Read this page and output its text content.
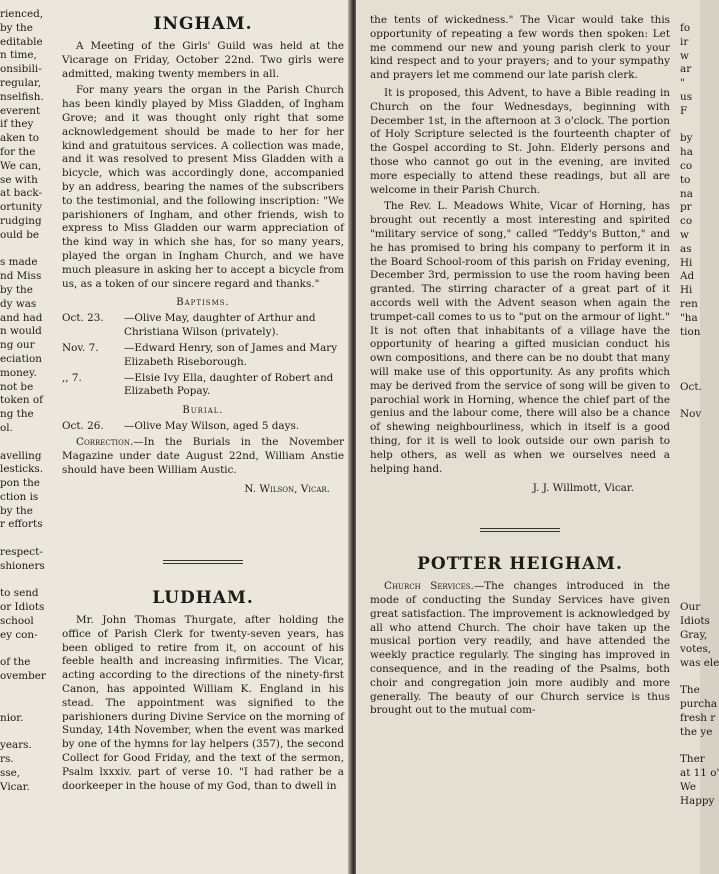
rienced,
by the
editable
n time,
onsibili-
regular,
nselfish.
everent
if they
aken to
for the
We can,
se with
at back-
ortunity
rudging
ould be

s made
nd Miss
by the
dy was
and had
n would
ng our
eciation
money.
not be
token of
ng the
ol.

avelling
lesticks.
pon the
ction is
by the
r efforts

respect-
shioners

to send
or Idiots
school
ey con-

of the
ovember

nior.

years.
rs.
sse,
Vicar.
INGHAM.

A Meeting of the Girls' Guild was held at the Vicarage on Friday, October 22nd. Two girls were admitted, making twenty members in all.

For many years the organ in the Parish Church has been kindly played by Miss Gladden, of Ingham Grove; and it was thought only right that some acknowledgement should be made to her for her kind and gratuitous services. A collection was made, and it was resolved to present Miss Gladden with a bicycle, which was accordingly done, accompanied by an address, bearing the names of the subscribers to the testimonial, and the following inscription: "We parishioners of Ingham, and other friends, wish to express to Miss Gladden our warm appreciation of the kind way in which she has, for so many years, played the organ in Ingham Church, and we have much pleasure in asking her to accept a bicycle from us, as a token of our sincere regard and thanks."

Baptisms.
Oct. 23.	—Olive May, daughter of Arthur and Christiana Wilson (privately).
Nov. 7.	—Edward Henry, son of James and Mary Elizabeth Riseborough.
,, 7.	—Elsie Ivy Ella, daughter of Robert and Elizabeth Popay.
Burial.
Oct. 26.	—Olive May Wilson, aged 5 days.

Correction.—In the Burials in the November Magazine under date August 22nd, William Anstie should have been William Austic.

N. Wilson, Vicar.
LUDHAM.

Mr. John Thomas Thurgate, after holding the office of Parish Clerk for twenty-seven years, has been obliged to retire from it, on account of his feeble health and increasing infirmities. The Vicar, acting according to the directions of the ninety-first Canon, has appointed William K. England in his stead. The appointment was signified to the parishioners during Divine Service on the morning of Sunday, 14th November, when the event was marked by one of the hymns for lay helpers (357), the second Collect for Good Friday, and the text of the sermon, Psalm lxxxiv. part of verse 10. "I had rather be a doorkeeper in the house of my God, than to dwell in

the tents of wickedness." The Vicar would take this opportunity of repeating a few words then spoken: Let me commend our new and young parish clerk to your kind respect and to your prayers; and to your sympathy and prayers let me commend our late parish clerk.

It is proposed, this Advent, to have a Bible reading in Church on the four Wednesdays, beginning with December 1st, in the afternoon at 3 o'clock. The portion of Holy Scripture selected is the fourteenth chapter of the Gospel according to St. John. Elderly persons and those who cannot go out in the evening, are invited more especially to attend these readings, but all are welcome in their Parish Church.

The Rev. L. Meadows White, Vicar of Horning, has brought out recently a most interesting and spirited "military service of song," called "Teddy's Button," and he has promised to bring his company to perform it in the Board School-room of this parish on Friday evening, December 3rd, permission to use the room having been granted. The stirring character of a great part of it accords well with the Advent season when again the trumpet-call comes to us to "put on the armour of light." It is not often that inhabitants of a village have the opportunity of hearing a gifted musician conduct his own compositions, and there can be no doubt that many will make use of this opportunity. As any profits which may be derived from the service of song will be given to parochial work in Horning, whence the chief part of the genius and the labour come, there will also be a chance of shewing neighbourliness, which in itself is a good thing, for it is well to look outside our own parish to help others, as well as when we ourselves need a helping hand.

J. J. Willmott, Vicar.
POTTER HEIGHAM.

Church Services.—The changes introduced in the mode of conducting the Sunday Services have given great satisfaction. The improvement is acknowledged by all who attend Church. The choir have taken up the musical portion very readily, and have attended the weekly practice regularly. The singing has improved in consequence, and in the reading of the Psalms, both choir and congregation join more audibly and more generally. The beauty of our Church service is thus brought out to the mutual com-

fo
ir
w
ar
"
us
F

by
ha
co
to
na
pr
co
w
as
Hi
Ad
Hi
ren
"ha
tion

Oct.

Nov

Our
Idiots
Gray,
votes,
was ele

The
purcha
fresh r
the ye

Ther
at 11 o'
We
Happy
